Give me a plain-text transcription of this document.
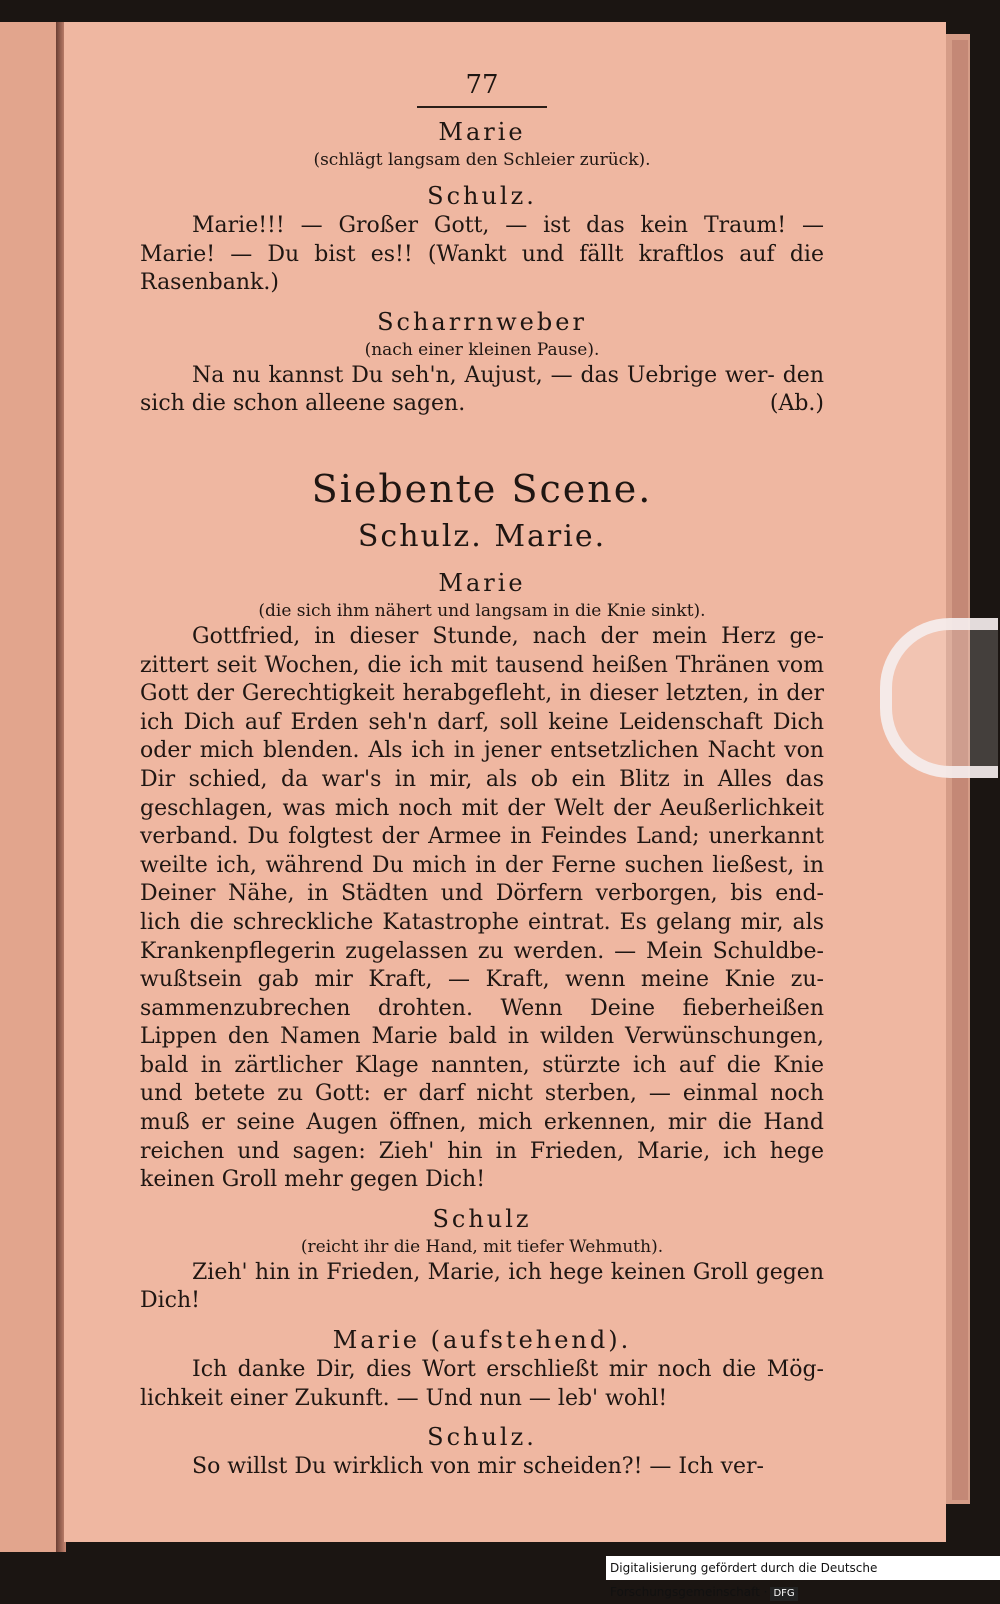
77
Marie
(schlägt langsam den Schleier zurück).
Schulz.

Marie!!! — Großer Gott, — ist das kein Traum! — Marie! — Du bist es!! (Wankt und fällt kraftlos auf die Rasenbank.)

Scharrnweber
(nach einer kleinen Pause).

Na nu kannst Du seh'n, Aujust, — das Uebrige wer- den sich die schon alleene sagen.	(Ab.)

Siebente Scene.
Schulz. Marie.
Marie
(die sich ihm nähert und langsam in die Knie sinkt).

Gottfried, in dieser Stunde, nach der mein Herz ge- zittert seit Wochen, die ich mit tausend heißen Thränen vom Gott der Gerechtigkeit herabgefleht, in dieser letzten, in der ich Dich auf Erden seh'n darf, soll keine Leidenschaft Dich oder mich blenden. Als ich in jener entsetzlichen Nacht von Dir schied, da war's in mir, als ob ein Blitz in Alles das geschlagen, was mich noch mit der Welt der Aeußerlichkeit verband. Du folgtest der Armee in Feindes Land; unerkannt weilte ich, während Du mich in der Ferne suchen ließest, in Deiner Nähe, in Städten und Dörfern verborgen, bis end- lich die schreckliche Katastrophe eintrat. Es gelang mir, als Krankenpflegerin zugelassen zu werden. — Mein Schuldbe- wußtsein gab mir Kraft, — Kraft, wenn meine Knie zu- sammenzubrechen drohten. Wenn Deine fieberheißen Lippen den Namen Marie bald in wilden Verwünschungen, bald in zärtlicher Klage nannten, stürzte ich auf die Knie und betete zu Gott: er darf nicht sterben, — einmal noch muß er seine Augen öffnen, mich erkennen, mir die Hand reichen und sagen: Zieh' hin in Frieden, Marie, ich hege keinen Groll mehr gegen Dich!

Schulz
(reicht ihr die Hand, mit tiefer Wehmuth).

Zieh' hin in Frieden, Marie, ich hege keinen Groll gegen Dich!

Marie (aufstehend).

Ich danke Dir, dies Wort erschließt mir noch die Mög- lichkeit einer Zukunft. — Und nun — leb' wohl!

Schulz.

So willst Du wirklich von mir scheiden?! — Ich ver-

Digitalisierung gefördert durch die Deutsche Forschungsgemeinschaft · DFG
